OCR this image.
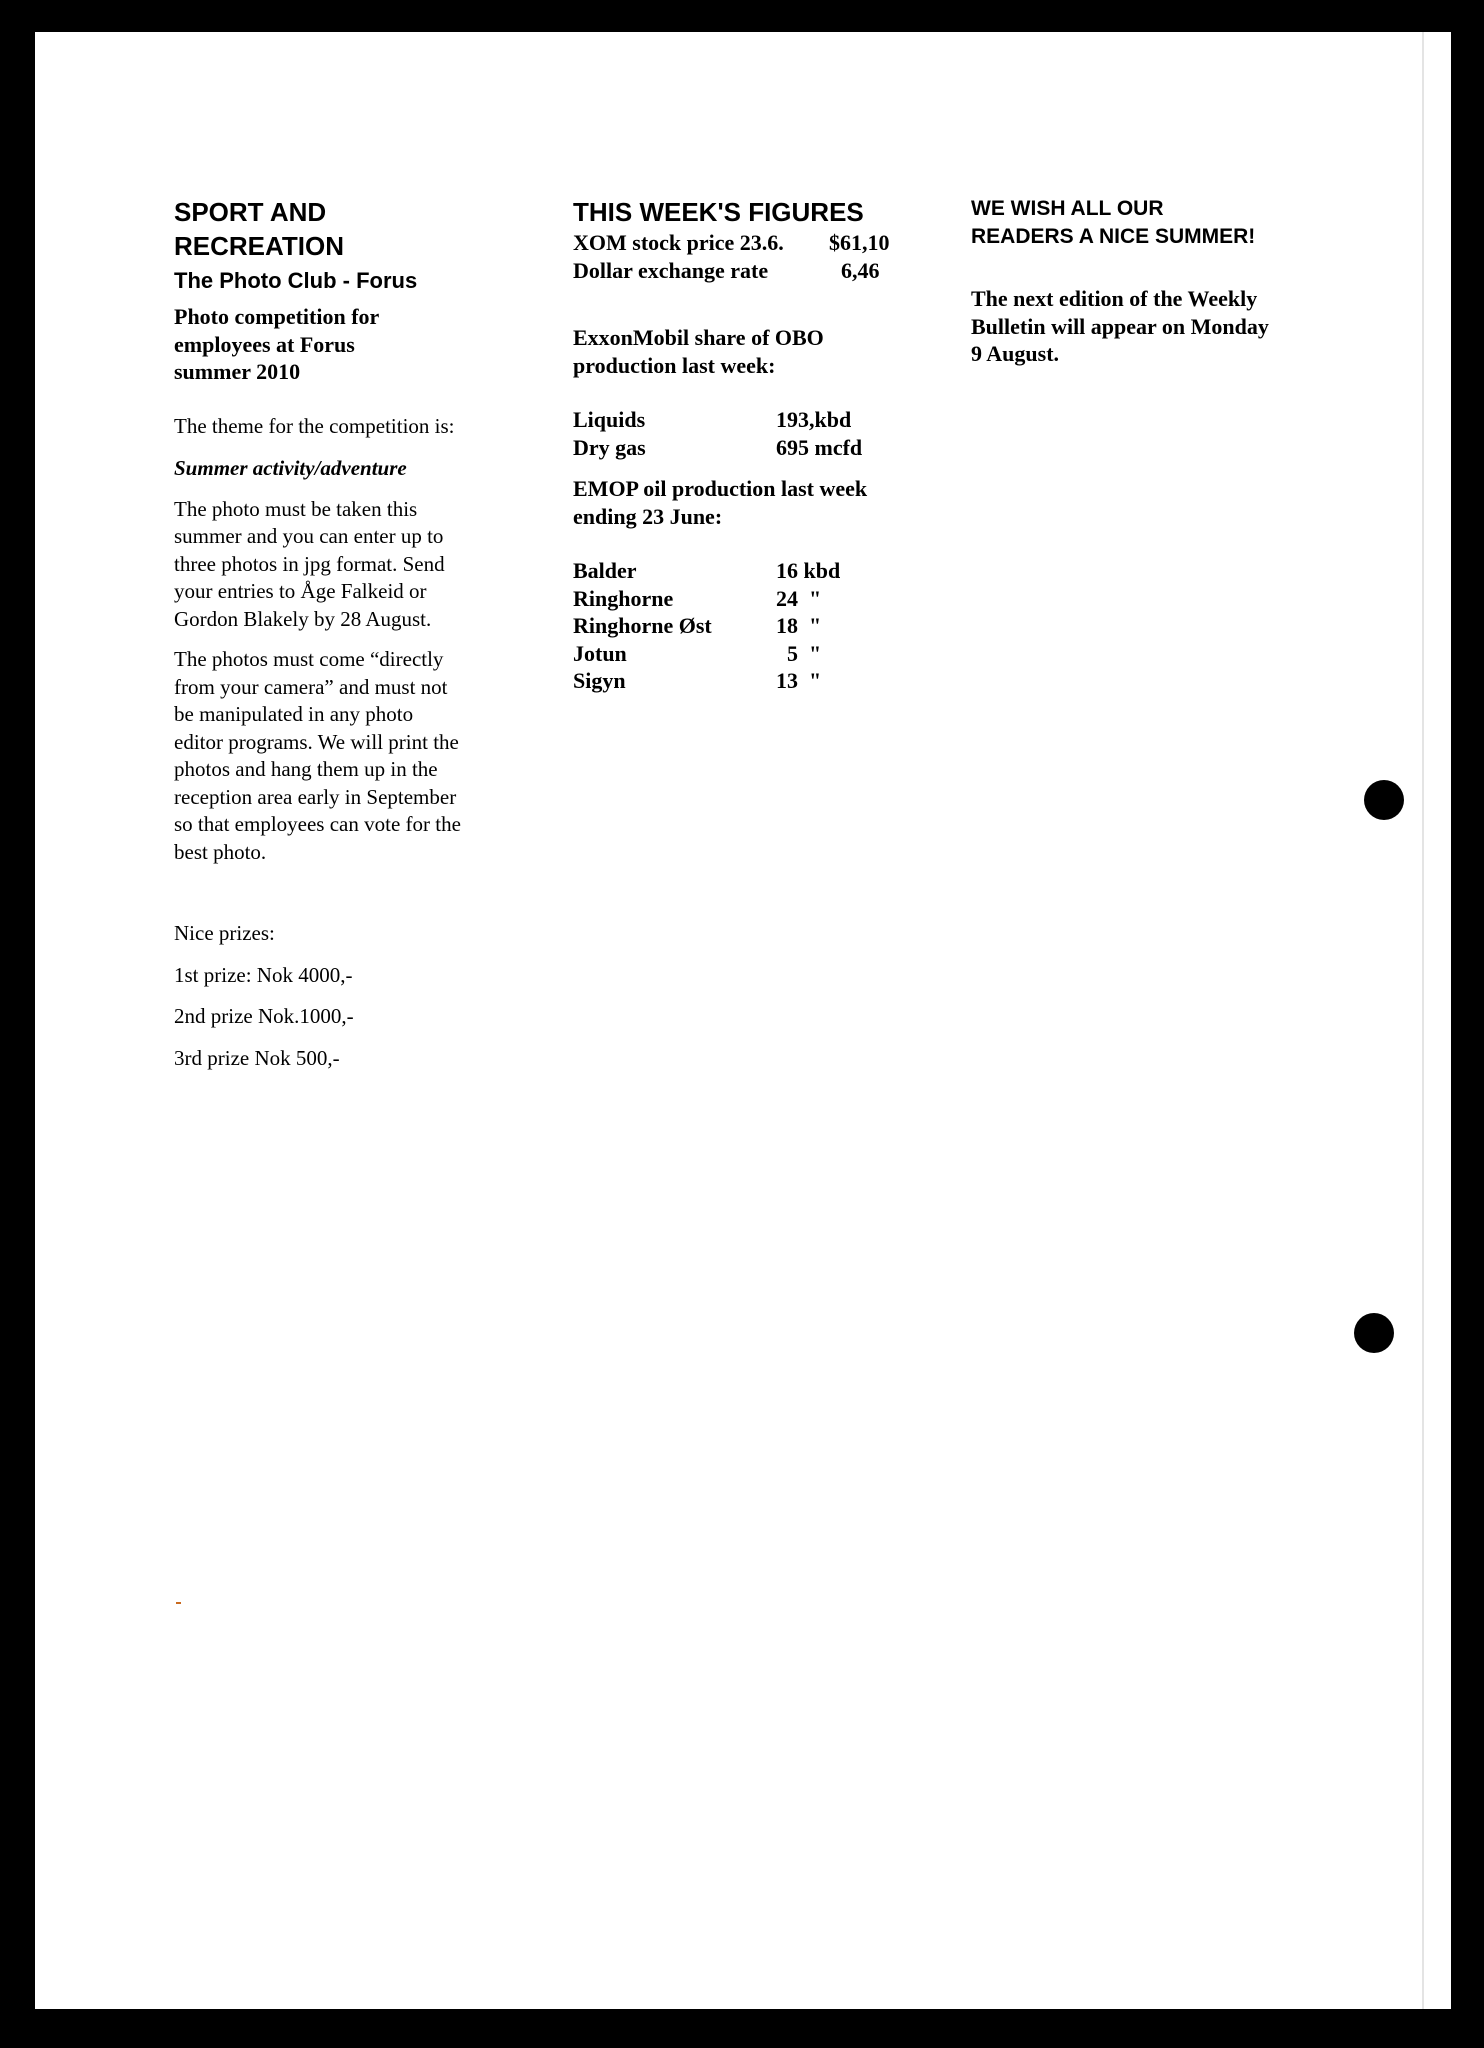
SPORT AND
RECREATION
The Photo Club - Forus
Photo competition for
employees at Forus
summer 2010
The theme for the competition is:
Summer activity/adventure
The photo must be taken this
summer and you can enter up to
three photos in jpg format. Send
your entries to Åge Falkeid or
Gordon Blakely by 28 August.
The photos must come “directly
from your camera” and must not
be manipulated in any photo
editor programs. We will print the
photos and hang them up in the
reception area early in September
so that employees can vote for the
best photo.
Nice prizes:
1st prize: Nok 4000,-
2nd prize Nok.1000,-
3rd prize Nok 500,-
THIS WEEK'S FIGURES
XOM stock price 23.6. $61,10
Dollar exchange rate	6,46
ExxonMobil share of OBO
production last week:
Liquids	193,kbd
Dry gas	695 mcfd
EMOP oil production last week
ending 23 June:
Balder	16 kbd
Ringhorne	24  "
Ringhorne Øst	18  "
Jotun	5  "
Sigyn	13  "
WE WISH ALL OUR
READERS A NICE SUMMER!
The next edition of the Weekly
Bulletin will appear on Monday
9 August.
